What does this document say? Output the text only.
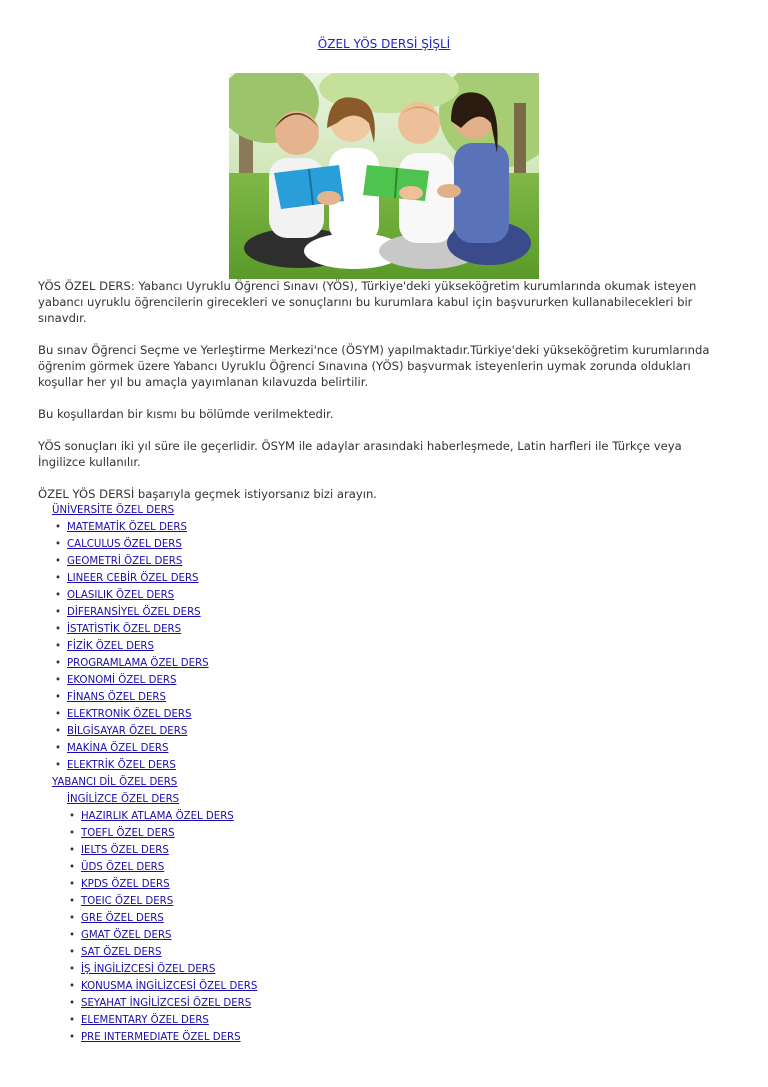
ÖZEL YÖS DERSİ ŞİŞLİ

YÖS ÖZEL DERS: Yabancı Uyruklu Öğrenci Sınavı (YÖS), Türkiye'deki yükseköğretim kurumlarında okumak isteyen yabancı uyruklu öğrencilerin girecekleri ve sonuçlarını bu kurumlara kabul için başvururken kullanabilecekleri bir sınavdır.

Bu sınav Öğrenci Seçme ve Yerleştirme Merkezi'nce (ÖSYM) yapılmaktadır.Türkiye'deki yükseköğretim kurumlarında öğrenim görmek üzere Yabancı Uyruklu Öğrenci Sınavına (YÖS) başvurmak isteyenlerin uymak zorunda oldukları koşullar her yıl bu amaçla yayımlanan kılavuzda belirtilir.

Bu koşullardan bir kısmı bu bölümde verilmektedir.

YÖS sonuçları iki yıl süre ile geçerlidir. ÖSYM ile adaylar arasındaki haberleşmede, Latin harfleri ile Türkçe veya İngilizce kullanılır.

ÖZEL YÖS DERSİ başarıyla geçmek istiyorsanız bizi arayın.

ÜNİVERSİTE ÖZEL DERS
• MATEMATİK ÖZEL DERS
• CALCULUS ÖZEL DERS
• GEOMETRİ ÖZEL DERS
• LINEER CEBİR ÖZEL DERS
• OLASILIK ÖZEL DERS
• DİFERANSİYEL ÖZEL DERS
• İSTATİSTİK ÖZEL DERS
• FİZİK ÖZEL DERS
• PROGRAMLAMA ÖZEL DERS
• EKONOMİ ÖZEL DERS
• FİNANS ÖZEL DERS
• ELEKTRONİK ÖZEL DERS
• BİLGİSAYAR ÖZEL DERS
• MAKİNA ÖZEL DERS
• ELEKTRİK ÖZEL DERS
YABANCI DİL ÖZEL DERS
İNGİLİZCE ÖZEL DERS
• HAZIRLIK ATLAMA ÖZEL DERS
• TOEFL ÖZEL DERS
• IELTS ÖZEL DERS
• ÜDS ÖZEL DERS
• KPDS ÖZEL DERS
• TOEIC ÖZEL DERS
• GRE ÖZEL DERS
• GMAT ÖZEL DERS
• SAT ÖZEL DERS
• İŞ İNGİLİZCESİ ÖZEL DERS
• KONUSMA İNGİLİZCESİ ÖZEL DERS
• SEYAHAT İNGİLİZCESİ ÖZEL DERS
• ELEMENTARY ÖZEL DERS
• PRE INTERMEDIATE ÖZEL DERS
